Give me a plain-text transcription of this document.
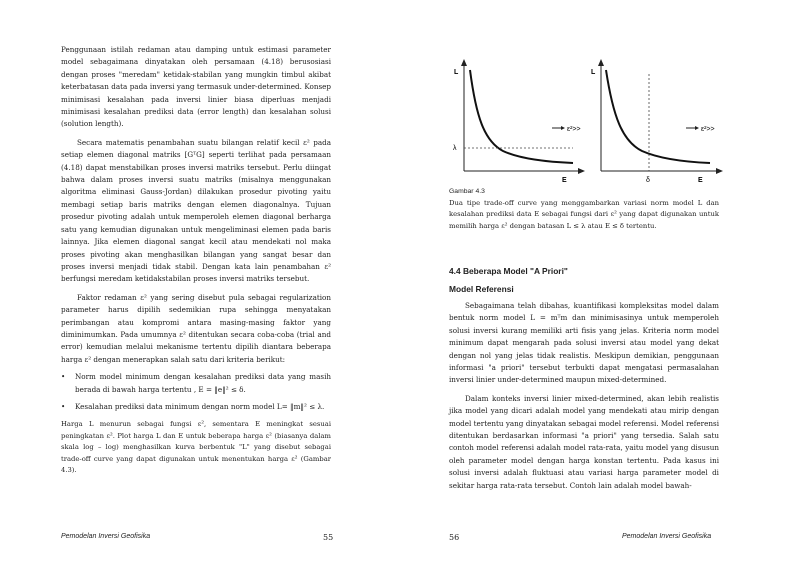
Penggunaan istilah redaman atau damping untuk estimasi parameter model sebagaimana dinyatakan oleh persamaan (4.18) berusosiasi dengan proses "meredam" ketidak-stabilan yang mungkin timbul akibat keterbatasan data pada inversi yang termasuk under-determined. Konsep minimisasi kesalahan pada inversi linier biasa diperluas menjadi minimisasi kesalahan prediksi data (error length) dan kesalahan solusi (solution length).

Secara matematis penambahan suatu bilangan relatif kecil ε² pada setiap elemen diagonal matriks [GᵀG] seperti terlihat pada persamaan (4.18) dapat menstabilkan proses inversi matriks tersebut. Perlu diingat bahwa dalam proses inversi suatu matriks (misalnya menggunakan algoritma eliminasi Gauss-Jordan) dilakukan prosedur pivoting yaitu membagi setiap baris matriks dengan elemen diagonalnya. Tujuan prosedur pivoting adalah untuk memperoleh elemen diagonal berharga satu yang kemudian digunakan untuk mengeliminasi elemen pada baris lainnya. Jika elemen diagonal sangat kecil atau mendekati nol maka proses pivoting akan menghasilkan bilangan yang sangat besar dan proses inversi menjadi tidak stabil. Dengan kata lain penambahan ε² berfungsi meredam ketidakstabilan proses inversi matriks tersebut.

Faktor redaman ε² yang sering disebut pula sebagai regularization parameter harus dipilih sedemikian rupa sehingga menyatakan perimbangan atau kompromi antara masing-masing faktor yang diminimumkan. Pada umumnya ε² ditentukan secara coba-coba (trial and error) kemudian melalui mekanisme tertentu dipilih diantara beberapa harga ε² dengan menerapkan salah satu dari kriteria berikut:

•	Norm model minimum dengan kesalahan prediksi data yang masih berada di bawah harga tertentu , E = ‖e‖² ≤ δ.
•	Kesalahan prediksi data minimum dengan norm model L= ‖m‖² ≤ λ.

Harga L menurun sebagai fungsi ε², sementara E meningkat sesuai peningkatan ε². Plot harga L dan E untuk beberapa harga ε² (biasanya dalam skala log – log) menghasilkan kurva berbentuk "L" yang disebut sebagai trade-off curve yang dapat digunakan untuk menentukan harga ε² (Gambar 4.3).

Pemodelan Inversi Geofisika	55
L
E
λ
ε²>>
L
E
δ
ε²>>

Gambar 4.3

Dua tipe trade-off curve yang menggambarkan variasi norm model L dan kesalahan prediksi data E sebagai fungsi dari ε² yang dapat digunakan untuk memilih harga ε² dengan batasan L ≤ λ atau E ≤ δ tertentu.

4.4 Beberapa Model "A Priori"
Model Referensi

Sebagaimana telah dibahas, kuantifikasi kompleksitas model dalam bentuk norm model L = mᵀm dan minimisasinya untuk memperoleh solusi inversi kurang memiliki arti fisis yang jelas. Kriteria norm model minimum dapat mengarah pada solusi inversi atau model yang dekat dengan nol yang jelas tidak realistis. Meskipun demikian, penggunaan informasi "a priori" tersebut terbukti dapat mengatasi permasalahan inversi linier under-determined maupun mixed-determined.

Dalam konteks inversi linier mixed-determined, akan lebih realistis jika model yang dicari adalah model yang mendekati atau mirip dengan model tertentu yang dinyatakan sebagai model referensi. Model referensi ditentukan berdasarkan informasi "a priori" yang tersedia. Salah satu contoh model referensi adalah model rata-rata, yaitu model yang disusun oleh parameter model dengan harga konstan tertentu. Pada kasus ini solusi inversi adalah fluktuasi atau variasi harga parameter model di sekitar harga rata-rata tersebut. Contoh lain adalah model bawah-

56	Pemodelan Inversi Geofisika
